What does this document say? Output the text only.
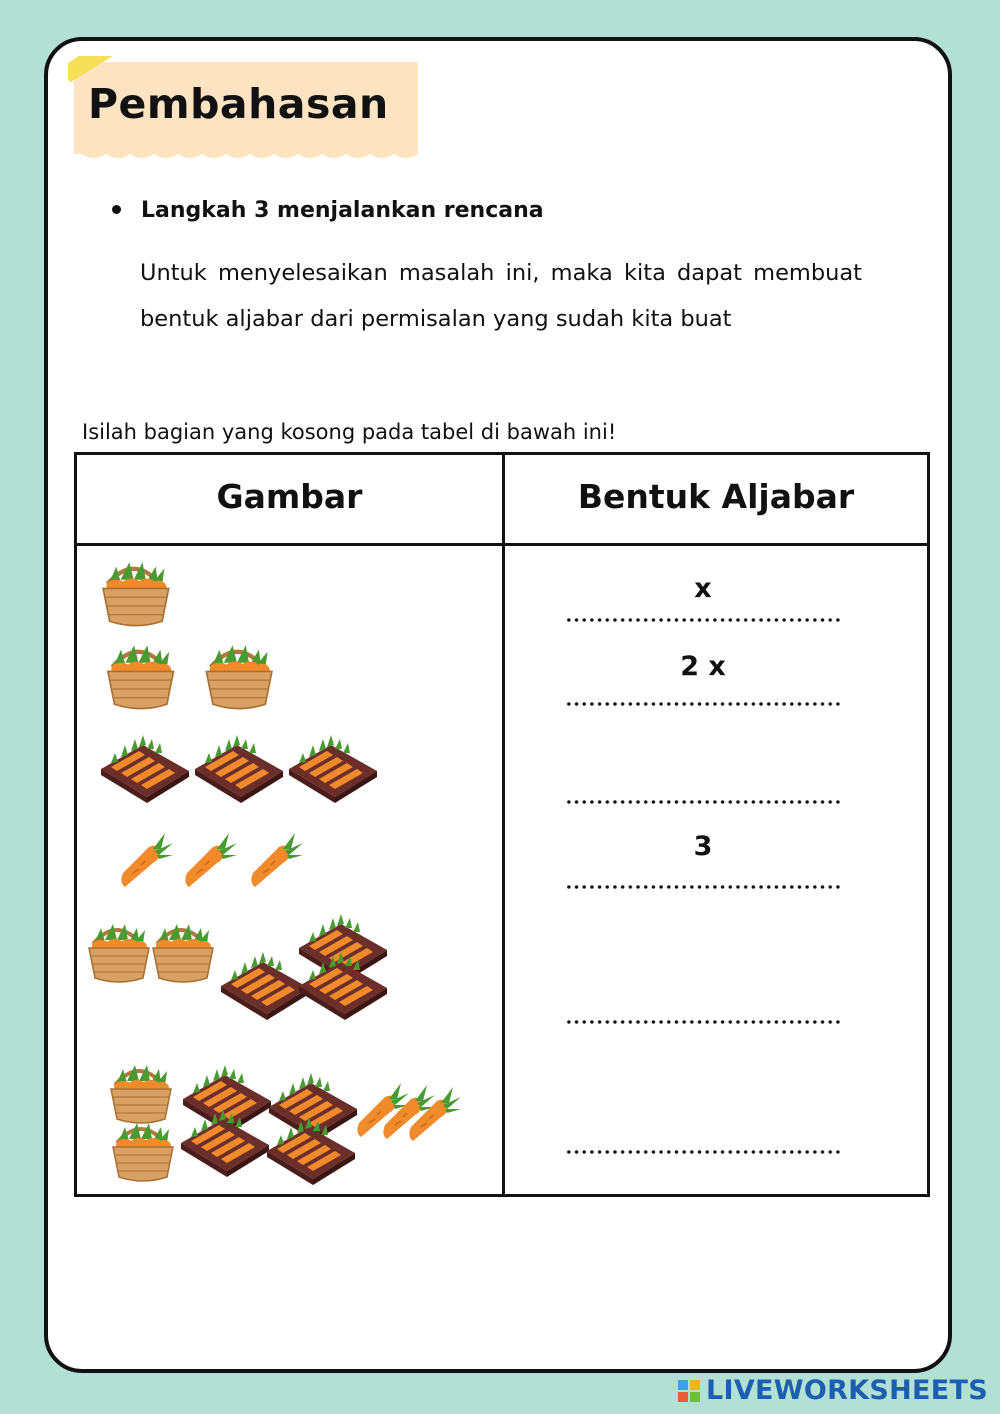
Pembahasan
Langkah 3 menjalankan rencana
Untuk menyelesaikan masalah ini, maka kita dapat membuat bentuk aljabar dari permisalan yang sudah kita buat
Isilah bagian yang kosong pada tabel di bawah ini!
Gambar	Bentuk Aljabar
x
2 x
3
LIVEWORKSHEETS
